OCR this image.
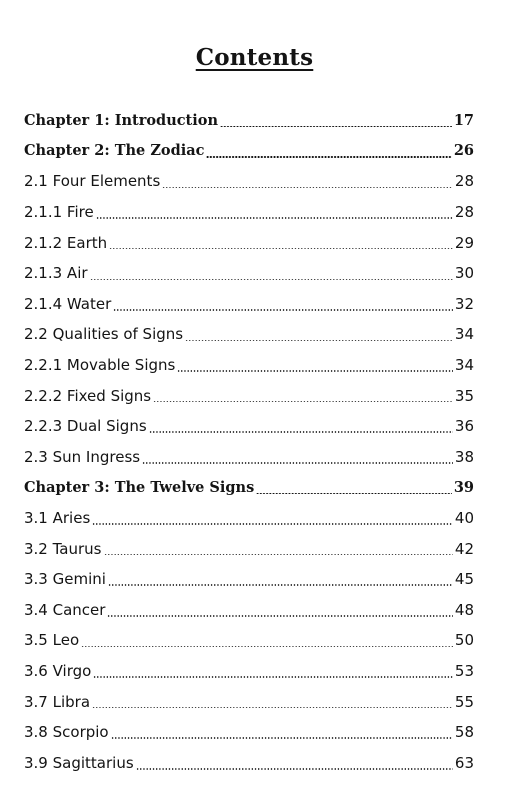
Contents
Chapter 1: Introduction	17
Chapter 2: The Zodiac	26
2.1 Four Elements	28
2.1.1 Fire	28
2.1.2 Earth	29
2.1.3 Air	30
2.1.4 Water	32
2.2 Qualities of Signs	34
2.2.1 Movable Signs	34
2.2.2 Fixed Signs	35
2.2.3 Dual Signs	36
2.3 Sun Ingress	38
Chapter 3: The Twelve Signs	39
3.1 Aries	40
3.2 Taurus	42
3.3 Gemini	45
3.4 Cancer	48
3.5 Leo	50
3.6 Virgo	53
3.7 Libra	55
3.8 Scorpio	58
3.9 Sagittarius	63
